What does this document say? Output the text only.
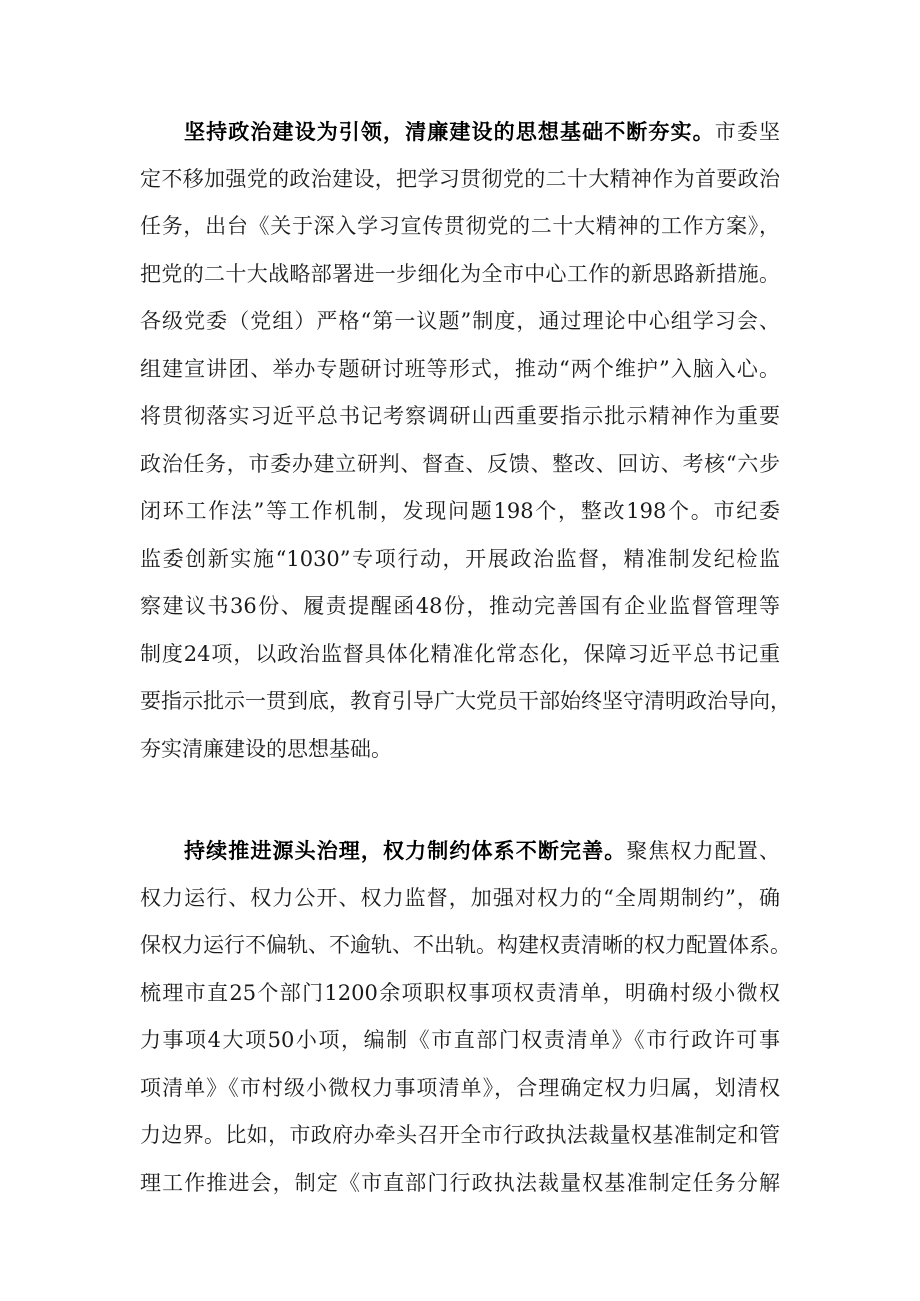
坚持政治建设为引领，清廉建设的思想基础不断夯实。市委坚
定不移加强党的政治建设，把学习贯彻党的二十大精神作为首要政治
任务，出台《关于深入学习宣传贯彻党的二十大精神的工作方案》，
把党的二十大战略部署进一步细化为全市中心工作的新思路新措施。
各级党委（党组）严格“第一议题”制度，通过理论中心组学习会、
组建宣讲团、举办专题研讨班等形式，推动“两个维护”入脑入心。
将贯彻落实习近平总书记考察调研山西重要指示批示精神作为重要
政治任务，市委办建立研判、督查、反馈、整改、回访、考核“六步
闭环工作法”等工作机制，发现问题198个，整改198个。市纪委
监委创新实施“1030”专项行动，开展政治监督，精准制发纪检监
察建议书36份、履责提醒函48份，推动完善国有企业监督管理等
制度24项，以政治监督具体化精准化常态化，保障习近平总书记重
要指示批示一贯到底，教育引导广大党员干部始终坚守清明政治导向，
夯实清廉建设的思想基础。
持续推进源头治理，权力制约体系不断完善。聚焦权力配置、
权力运行、权力公开、权力监督，加强对权力的“全周期制约”，确
保权力运行不偏轨、不逾轨、不出轨。构建权责清晰的权力配置体系。
梳理市直25个部门1200余项职权事项权责清单，明确村级小微权
力事项4大项50小项，编制《市直部门权责清单》《市行政许可事
项清单》《市村级小微权力事项清单》，合理确定权力归属，划清权
力边界。比如，市政府办牵头召开全市行政执法裁量权基准制定和管
理工作推进会，制定《市直部门行政执法裁量权基准制定任务分解
